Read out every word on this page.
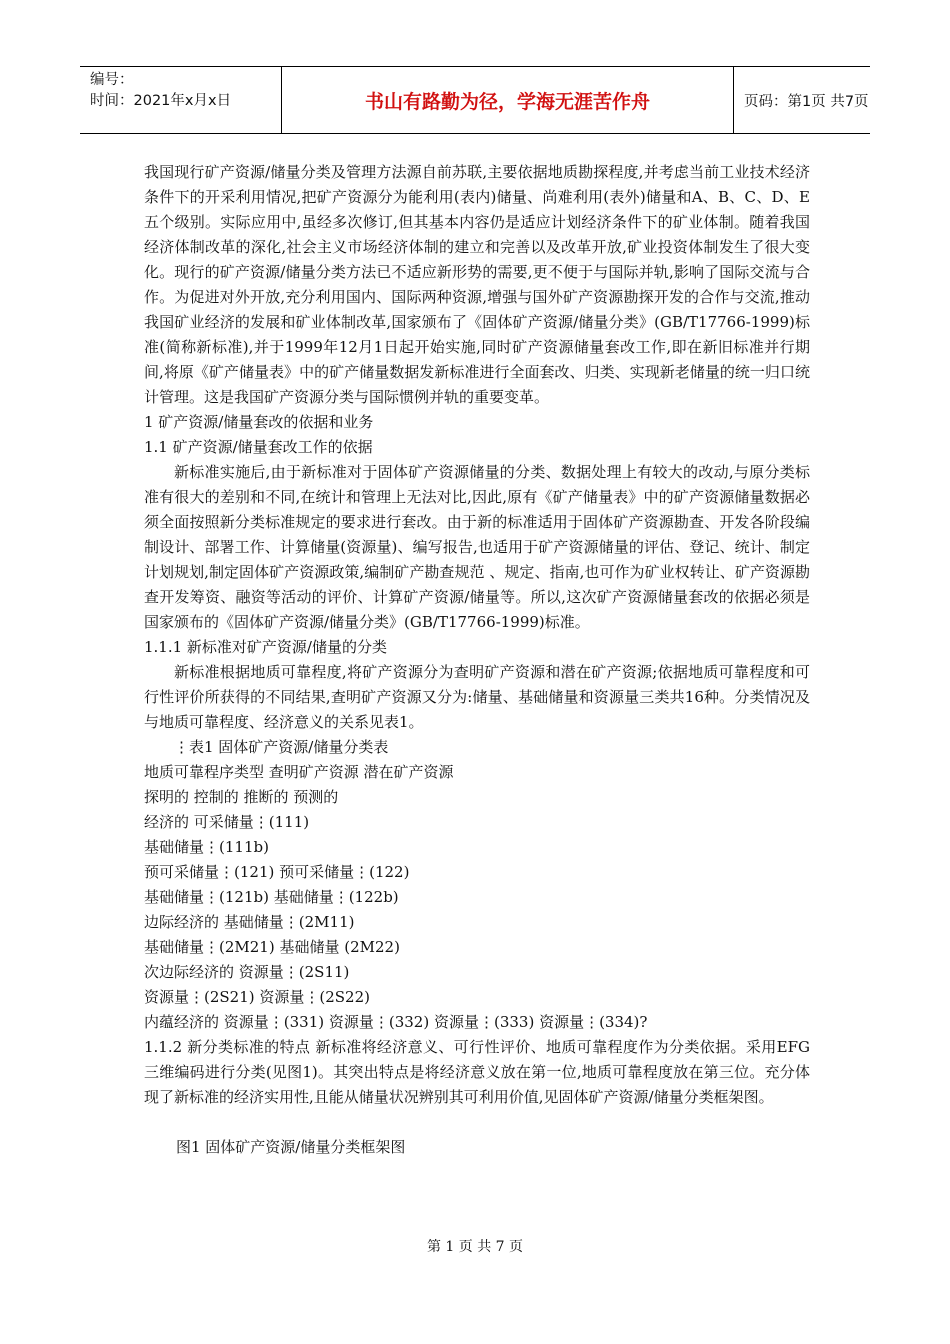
编号：
时间：2021年x月x日	书山有路勤为径，学海无涯苦作舟	页码：第1页 共7页

我国现行矿产资源/储量分类及管理方法源自前苏联,主要依据地质勘探程度,并考虑当前工业技术经济条件下的开采利用情况,把矿产资源分为能利用(表内)储量、尚难利用(表外)储量和A、B、C、D、E五个级别。实际应用中,虽经多次修订,但其基本内容仍是适应计划经济条件下的矿业体制。随着我国经济体制改革的深化,社会主义市场经济体制的建立和完善以及改革开放,矿业投资体制发生了很大变化。现行的矿产资源/储量分类方法已不适应新形势的需要,更不便于与国际并轨,影响了国际交流与合作。为促进对外开放,充分利用国内、国际两种资源,增强与国外矿产资源勘探开发的合作与交流,推动我国矿业经济的发展和矿业体制改革,国家颁布了《固体矿产资源/储量分类》(GB/T17766-1999)标准(简称新标准),并于1999年12月1日起开始实施,同时矿产资源储量套改工作,即在新旧标准并行期间,将原《矿产储量表》中的矿产储量数据发新标准进行全面套改、归类、实现新老储量的统一归口统计管理。这是我国矿产资源分类与国际惯例并轨的重要变革。

1 矿产资源/储量套改的依据和业务

1.1 矿产资源/储量套改工作的依据

新标准实施后,由于新标准对于固体矿产资源储量的分类、数据处理上有较大的改动,与原分类标准有很大的差别和不同,在统计和管理上无法对比,因此,原有《矿产储量表》中的矿产资源储量数据必须全面按照新分类标准规定的要求进行套改。由于新的标准适用于固体矿产资源勘查、开发各阶段编制设计、部署工作、计算储量(资源量)、编写报告,也适用于矿产资源储量的评估、登记、统计、制定计划规划,制定固体矿产资源政策,编制矿产勘查规范 、规定、指南,也可作为矿业权转让、矿产资源勘查开发筹资、融资等活动的评价、计算矿产资源/储量等。所以,这次矿产资源储量套改的依据必须是国家颁布的《固体矿产资源/储量分类》(GB/T17766-1999)标准。

1.1.1 新标准对矿产资源/储量的分类

新标准根据地质可靠程度,将矿产资源分为查明矿产资源和潜在矿产资源;依据地质可靠程度和可行性评价所获得的不同结果,查明矿产资源又分为:储量、基础储量和资源量三类共16种。分类情况及与地质可靠程度、经济意义的关系见表1。

⋮表1 固体矿产资源/储量分类表

地质可靠程序类型 查明矿产资源 潜在矿产资源

探明的 控制的 推断的 预测的

经济的 可采储量⋮(111)

基础储量⋮(111b)

预可采储量⋮(121) 预可采储量⋮(122)

基础储量⋮(121b) 基础储量⋮(122b)

边际经济的 基础储量⋮(2M11)

基础储量⋮(2M21) 基础储量 (2M22)

次边际经济的 资源量⋮(2S11)

资源量⋮(2S21) 资源量⋮(2S22)

内蕴经济的 资源量⋮(331) 资源量⋮(332) 资源量⋮(333) 资源量⋮(334)?

1.1.2 新分类标准的特点 新标准将经济意义、可行性评价、地质可靠程度作为分类依据。采用EFG三维编码进行分类(见图1)。其突出特点是将经济意义放在第一位,地质可靠程度放在第三位。充分体现了新标准的经济实用性,且能从储量状况辨别其可利用价值,见固体矿产资源/储量分类框架图。

图1 固体矿产资源/储量分类框架图

第 1 页 共 7 页
